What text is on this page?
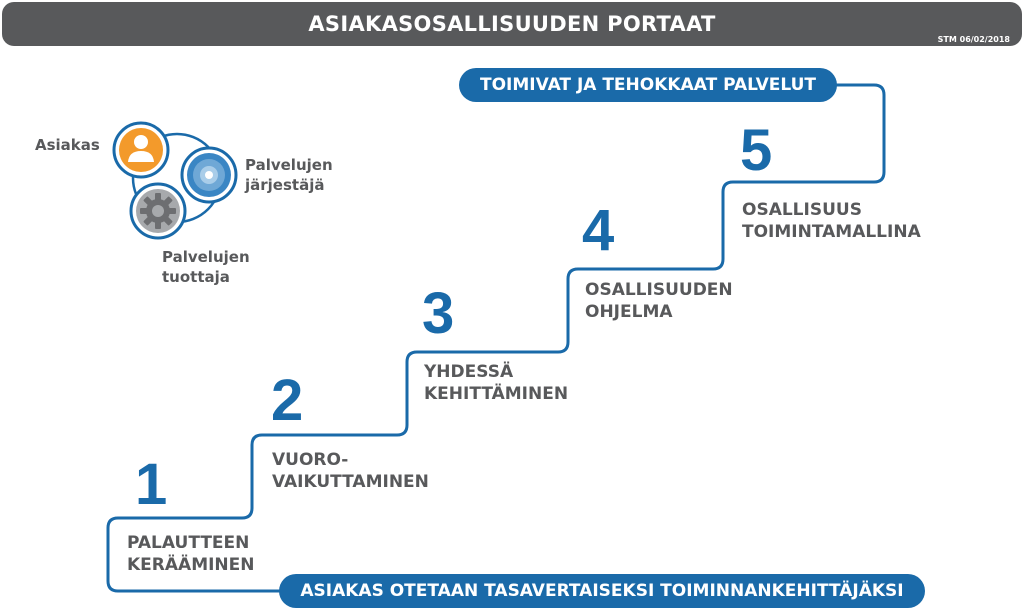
ASIAKASOSALLISUUDEN PORTAAT
STM 06/02/2018
TOIMIVAT JA TEHOKKAAT PALVELUT
ASIAKAS OTETAAN TASAVERTAISEKSI TOIMINNANKEHITTÄJÄKSI
1
PALAUTTEEN
KERÄÄMINEN
2
VUORO-
VAIKUTTAMINEN
3
YHDESSÄ
KEHITTÄMINEN
4
OSALLISUUDEN
OHJELMA
5
OSALLISUUS
TOIMINTAMALLINA
Asiakas
Palvelujen
järjestäjä
Palvelujen
tuottaja
